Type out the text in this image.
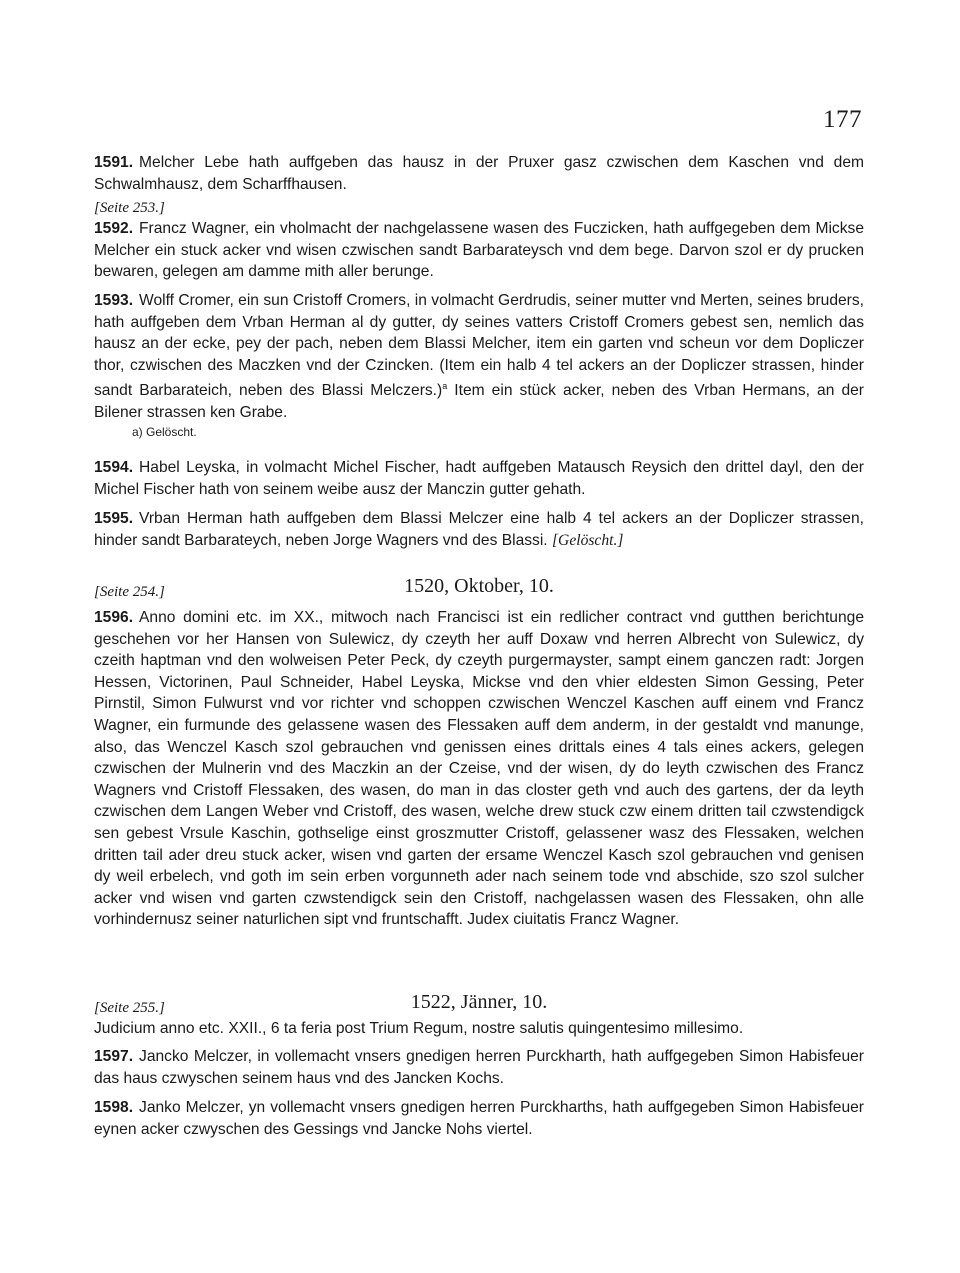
177

1591. Melcher Lebe hath auffgeben das hausz in der Pruxer gasz czwischen dem Kaschen vnd dem Schwalmhausz, dem Scharffhausen.

[Seite 253.]

1592. Francz Wagner, ein vholmacht der nachgelassene wasen des Fuczicken, hath auffgegeben dem Mickse Melcher ein stuck acker vnd wisen czwischen sandt Barbarateysch vnd dem bege. Darvon szol er dy prucken bewaren, gelegen am damme mith aller berunge.

1593. Wolff Cromer, ein sun Cristoff Cromers, in volmacht Gerdrudis, seiner mutter vnd Merten, seines bruders, hath auffgeben dem Vrban Herman al dy gutter, dy seines vatters Cristoff Cromers gebest sen, nemlich das hausz an der ecke, pey der pach, neben dem Blassi Melcher, item ein garten vnd scheun vor dem Dopliczer thor, czwischen des Maczken vnd der Czincken. (Item ein halb 4 tel ackers an der Dopliczer strassen, hinder sandt Barbarateich, neben des Blassi Melczers.)$^a$ Item ein stück acker, neben des Vrban Hermans, an der Bilener strassen ken Grabe.

a) Gelöscht.

1594. Habel Leyska, in volmacht Michel Fischer, hadt auffgeben Matausch Reysich den drittel dayl, den der Michel Fischer hath von seinem weibe ausz der Manczin gutter gehath.

1595. Vrban Herman hath auffgeben dem Blassi Melczer eine halb 4 tel ackers an der Dopliczer strassen, hinder sandt Barbarateych, neben Jorge Wagners vnd des Blassi. [Gelöscht.]

[Seite 254.]	1520, Oktober, 10.

1596. Anno domini etc. im XX., mitwoch nach Francisci ist ein redlicher contract vnd gutthen berichtunge geschehen vor her Hansen von Sulewicz, dy czeyth her auff Doxaw vnd herren Albrecht von Sulewicz, dy czeith haptman vnd den wolweisen Peter Peck, dy czeyth purgermayster, sampt einem ganczen radt: Jorgen Hessen, Victorinen, Paul Schneider, Habel Leyska, Mickse vnd den vhier eldesten Simon Gessing, Peter Pirnstil, Simon Fulwurst vnd vor richter vnd schoppen czwischen Wenczel Kaschen auff einem vnd Francz Wagner, ein furmunde des gelassene wasen des Flessaken auff dem anderm, in der gestaldt vnd manunge, also, das Wenczel Kasch szol gebrauchen vnd genissen eines drittals eines 4 tals eines ackers, gelegen czwischen der Mulnerin vnd des Maczkin an der Czeise, vnd der wisen, dy do leyth czwischen des Francz Wagners vnd Cristoff Flessaken, des wasen, do man in das closter geth vnd auch des gartens, der da leyth czwischen dem Langen Weber vnd Cristoff, des wasen, welche drew stuck czw einem dritten tail czwstendigck sen gebest Vrsule Kaschin, gothselige einst groszmutter Cristoff, gelassener wasz des Flessaken, welchen dritten tail ader dreu stuck acker, wisen vnd garten der ersame Wenczel Kasch szol gebrauchen vnd genisen dy weil erbelech, vnd goth im sein erben vorgunneth ader nach seinem tode vnd abschide, szo szol sulcher acker vnd wisen vnd garten czwstendigck sein den Cristoff, nachgelassen wasen des Flessaken, ohn alle vorhindernusz seiner naturlichen sipt vnd fruntschafft. Judex ciuitatis Francz Wagner.

[Seite 255.]	1522, Jänner, 10.

Judicium anno etc. XXII., 6 ta feria post Trium Regum, nostre salutis quingentesimo millesimo.

1597. Jancko Melczer, in vollemacht vnsers gnedigen herren Purckharth, hath auffgegeben Simon Habisfeuer das haus czwyschen seinem haus vnd des Jancken Kochs.

1598. Janko Melczer, yn vollemacht vnsers gnedigen herren Purckharths, hath auffgegeben Simon Habisfeuer eynen acker czwyschen des Gessings vnd Jancke Nohs viertel.
